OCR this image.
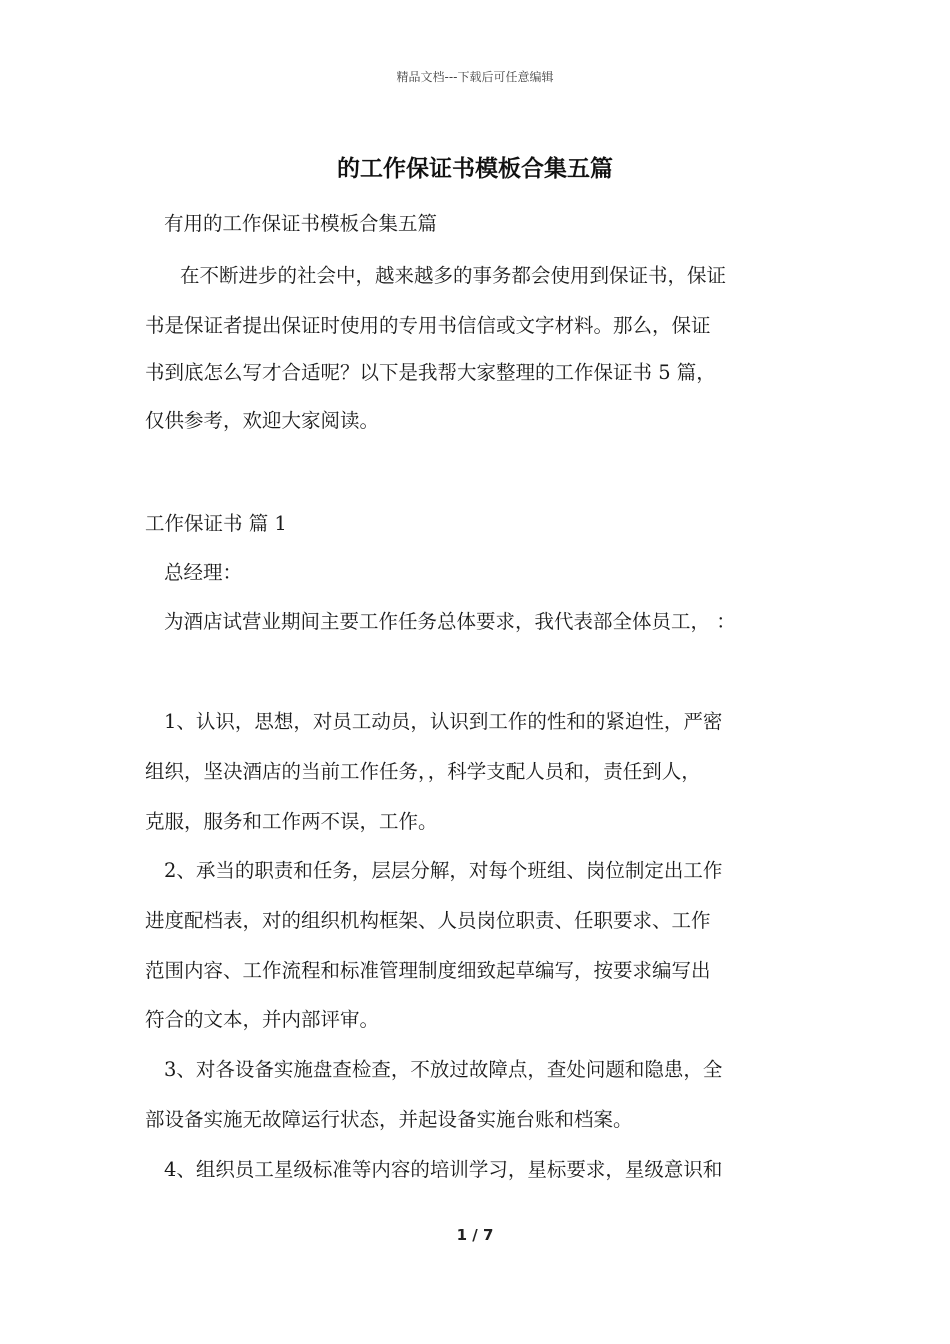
精品文档---下载后可任意编辑
的工作保证书模板合集五篇
有用的工作保证书模板合集五篇
在不断进步的社会中，越来越多的事务都会使用到保证书，保证
书是保证者提出保证时使用的专用书信信或文字材料。那么，保证
书到底怎么写才合适呢？以下是我帮大家整理的工作保证书 5 篇，
仅供参考，欢迎大家阅读。
工作保证书 篇 1
总经理：
为酒店试营业期间主要工作任务总体要求，我代表部全体员工， ：
1、认识，思想，对员工动员，认识到工作的性和的紧迫性，严密
组织，坚决酒店的当前工作任务，，科学支配人员和，责任到人，
克服，服务和工作两不误，工作。
2、承当的职责和任务，层层分解，对每个班组、岗位制定出工作
进度配档表，对的组织机构框架、人员岗位职责、任职要求、工作
范围内容、工作流程和标准管理制度细致起草编写，按要求编写出
符合的文本，并内部评审。
3、对各设备实施盘查检查，不放过故障点，查处问题和隐患，全
部设备实施无故障运行状态，并起设备实施台账和档案。
4、组织员工星级标准等内容的培训学习，星标要求，星级意识和
1 / 7
